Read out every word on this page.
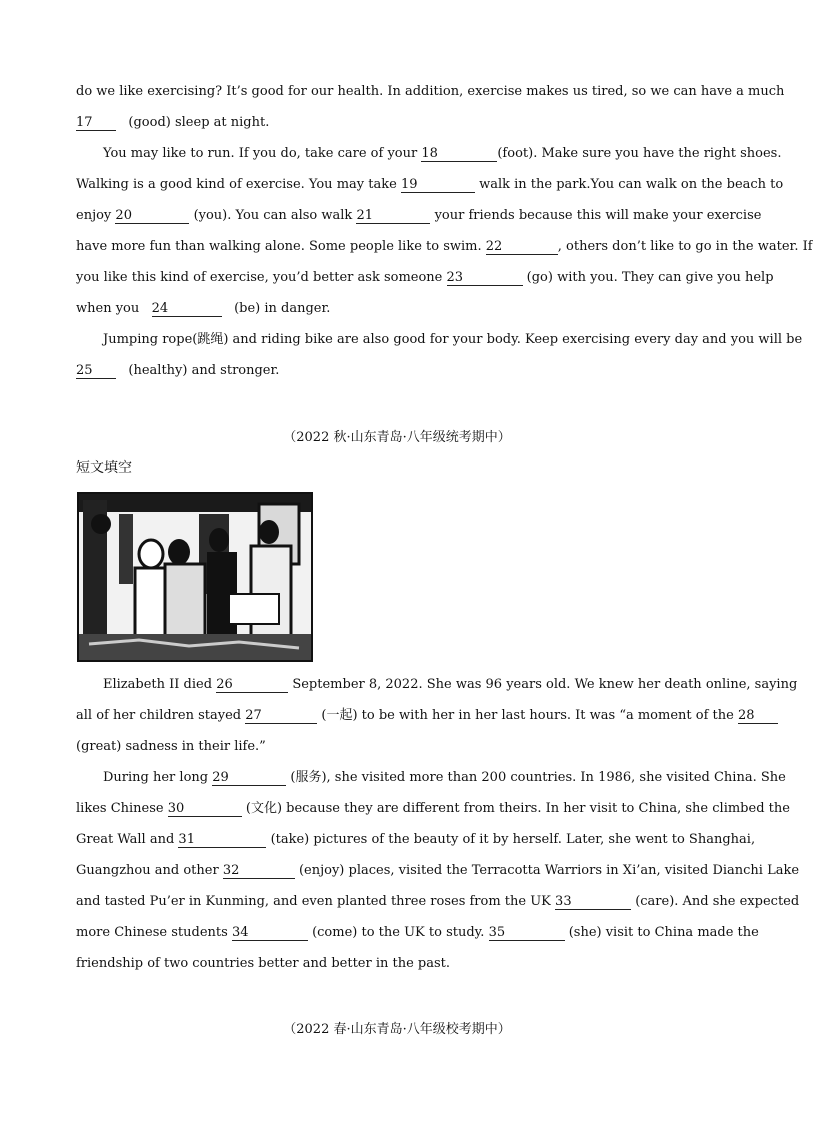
do we like exercising? It’s good for our health. In addition, exercise makes us tired, so we can have a much
17	(good) sleep at night.
You may like to run. If you do, take care of your 18	(foot). Make sure you have the right shoes.
Walking is a good kind of exercise. You may take 19	walk in the park.You can walk on the beach to
enjoy 20	(you). You can also walk 21	your friends because this will make your exercise
have more fun than walking alone. Some people like to swim. 22	, others don’t like to go in the water. If
you like this kind of exercise, you’d better ask someone 23	(go) with you. They can give you help
when you 24	(be) in danger.
Jumping rope(跳绳) and riding bike are also good for your body. Keep exercising every day and you will be
25	(healthy) and stronger.
（2022 秋·山东青岛·八年级统考期中）
短文填空
Elizabeth II died 26	September 8, 2022. She was 96 years old. We knew her death online, saying
all of her children stayed 27	(一起) to be with her in her last hours. It was “a moment of the 28
(great) sadness in their life.”
During her long 29	(服务), she visited more than 200 countries. In 1986, she visited China. She
likes Chinese 30	(文化) because they are different from theirs. In her visit to China, she climbed the
Great Wall and 31	(take) pictures of the beauty of it by herself. Later, she went to Shanghai,
Guangzhou and other 32	(enjoy) places, visited the Terracotta Warriors in Xi’an, visited Dianchi Lake
and tasted Pu’er in Kunming, and even planted three roses from the UK 33	(care). And she expected
more Chinese students 34	(come) to the UK to study. 35	(she) visit to China made the
friendship of two countries better and better in the past.
（2022 春·山东青岛·八年级校考期中）
